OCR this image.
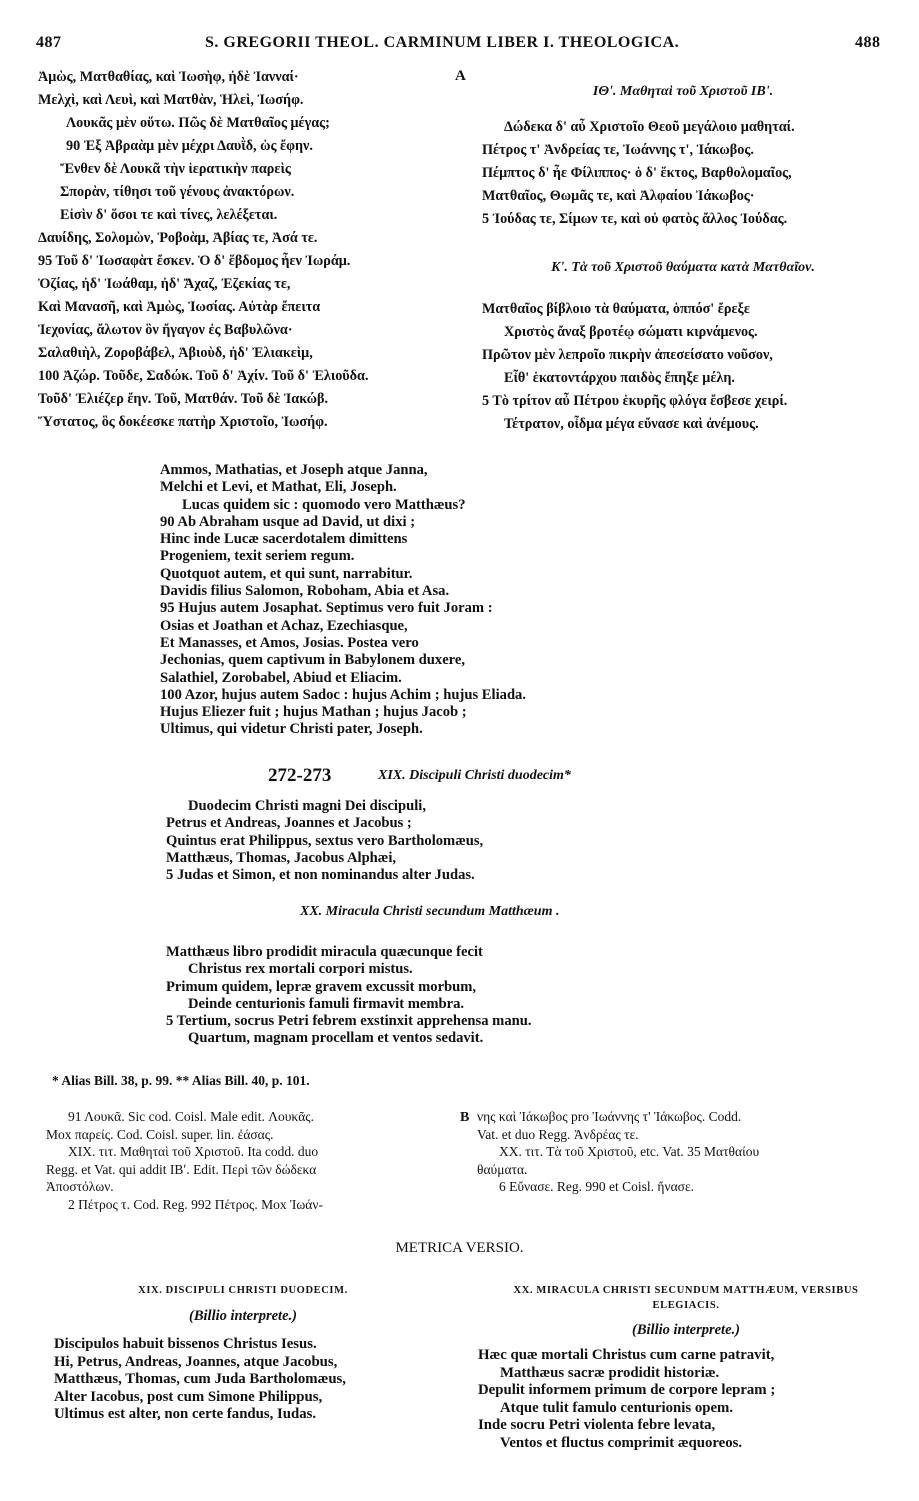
487	S. GREGORII THEOL. CARMINUM LIBER I. THEOLOGICA.	488
Ἀμὼς, Ματθαθίας, καὶ Ἰωσὴφ, ἠδὲ Ἰανναί·
Μελχὶ, καὶ Λευὶ, καὶ Ματθὰν, Ἡλεὶ, Ἰωσήφ.
Λουκᾶς μὲν οὕτω. Πῶς δὲ Ματθαῖος μέγας;
90 Ἐξ Ἀβραὰμ μὲν μέχρι Δαυῒδ, ὡς ἔφην.
Ἔνθεν δὲ Λουκᾶ τὴν ἱερατικὴν παρεὶς
Σπορὰν, τίθησι τοῦ γένους ἀνακτόρων.
Εἰσὶν δ' ὅσοι τε καὶ τίνες, λελέξεται.
Δαυίδης, Σολομὼν, Ῥοβοὰμ, Ἀβίας τε, Ἀσά τε.
95 Τοῦ δ' Ἰωσαφὰτ ἔσκεν. Ὁ δ' ἕβδομος ἦεν Ἰωράμ.
Ὀζίας, ἠδ' Ἰωάθαμ, ἠδ' Ἄχαζ, Ἐζεκίας τε,
Καὶ Μανασῆ, καὶ Ἀμὼς, Ἰωσίας. Αὐτὰρ ἔπειτα
Ἰεχονίας, ἄλωτον ὃν ἤγαγον ἐς Βαβυλῶνα·
Σαλαθιὴλ, Ζοροβάβελ, Ἀβιοὺδ, ἠδ' Ἐλιακεὶμ,
100 Ἀζώρ. Τοῦδε, Σαδώκ. Τοῦ δ' Ἀχίν. Τοῦ δ' Ἐλιοῦδα.
Τοῦδ' Ἐλιέζερ ἔην. Τοῦ, Ματθάν. Τοῦ δὲ Ἰακώβ.
Ὕστατος, ὃς δοκέεσκε πατὴρ Χριστοῖο, Ἰωσήφ.
A
ΙΘʹ. Μαθηταὶ τοῦ Χριστοῦ ΙΒʹ.
Δώδεκα δ' αὖ Χριστοῖο Θεοῦ μεγάλοιο μαθηταί.
Πέτρος τ' Ἀνδρείας τε, Ἰωάννης τ', Ἰάκωβος.
Πέμπτος δ' ἦε Φίλιππος· ὁ δ' ἕκτος, Βαρθολομαῖος,
Ματθαῖος, Θωμᾶς τε, καὶ Ἀλφαίου Ἰάκωβος·
5 Ἰούδας τε, Σίμων τε, καὶ οὐ φατὸς ἄλλος Ἰούδας.
Κʹ. Τὰ τοῦ Χριστοῦ θαύματα κατὰ Ματθαῖον.
Ματθαῖος βίβλοιο τὰ θαύματα, ὁππόσ' ἔρεξε
Χριστὸς ἄναξ βροτέῳ σώματι κιρνάμενος.
Πρῶτον μὲν λεπροῖο πικρὴν ἀπεσείσατο νοῦσον,
Εἶθ' ἑκατοντάρχου παιδὸς ἔπηξε μέλη.
5 Τὸ τρίτον αὖ Πέτρου ἑκυρῆς φλόγα ἔσβεσε χειρί.
Τέτρατον, οἶδμα μέγα εὔνασε καὶ ἀνέμους.
Ammos, Mathatias, et Joseph atque Janna,
Melchi et Levi, et Mathat, Eli, Joseph.
Lucas quidem sic : quomodo vero Matthæus?
90 Ab Abraham usque ad David, ut dixi ;
Hinc inde Lucæ sacerdotalem dimittens
Progeniem, texit seriem regum.
Quotquot autem, et qui sunt, narrabitur.
Davidis filius Salomon, Roboham, Abia et Asa.
95 Hujus autem Josaphat. Septimus vero fuit Joram :
Osias et Joathan et Achaz, Ezechiasque,
Et Manasses, et Amos, Josias. Postea vero
Jechonias, quem captivum in Babylonem duxere,
Salathiel, Zorobabel, Abiud et Eliacim.
100 Azor, hujus autem Sadoc : hujus Achim ; hujus Eliada.
Hujus Eliezer fuit ; hujus Mathan ; hujus Jacob ;
Ultimus, qui videtur Christi pater, Joseph.
272-273	XIX. Discipuli Christi duodecim*
Duodecim Christi magni Dei discipuli,
Petrus et Andreas, Joannes et Jacobus ;
Quintus erat Philippus, sextus vero Bartholomæus,
Matthæus, Thomas, Jacobus Alphæi,
5 Judas et Simon, et non nominandus alter Judas.
XX. Miracula Christi secundum Matthæum .
Matthæus libro prodidit miracula quæcunque fecit
Christus rex mortali corpori mistus.
Primum quidem, lepræ gravem excussit morbum,
Deinde centurionis famuli firmavit membra.
5 Tertium, socrus Petri febrem exstinxit apprehensa manu.
Quartum, magnam procellam et ventos sedavit.
* Alias Bill. 38, p. 99. ** Alias Bill. 40, p. 101.
91 Λουκᾶ. Sic cod. Coisl. Male edit. Λουκᾶς.
Mox παρείς. Cod. Coisl. super. lin. ἐάσας.
XIX. τιτ. Μαθηταὶ τοῦ Χριστοῦ. Ita codd. duo
Regg. et Vat. qui addit ΙΒʹ. Edit. Περὶ τῶν δώδεκα
Ἀποστόλων.
2 Πέτρος τ. Cod. Reg. 992 Πέτρος. Mox Ἰωάν-
B νης καὶ Ἰάκωβος pro Ἰωάννης τ' Ἰάκωβος. Codd.
Vat. et duo Regg. Ἀνδρέας τε.
XX. τιτ. Τὰ τοῦ Χριστοῦ, etc. Vat. 35 Ματθαίου
θαύματα.
6 Εὔνασε. Reg. 990 et Coisl. ἤνασε.
METRICA VERSIO.
XIX. DISCIPULI CHRISTI DUODECIM.
(Billio interprete.)
Discipulos habuit bissenos Christus Iesus.
Hi, Petrus, Andreas, Joannes, atque Jacobus,
Matthæus, Thomas, cum Juda Bartholomæus,
Alter Iacobus, post cum Simone Philippus,
Ultimus est alter, non certe fandus, Iudas.
XX. MIRACULA CHRISTI SECUNDUM MATTHÆUM, VERSIBUS
ELEGIACIS.
(Billio interprete.)
Hæc quæ mortali Christus cum carne patravit,
Matthæus sacræ prodidit historiæ.
Depulit informem primum de corpore lepram ;
Atque tulit famulo centurionis opem.
Inde socru Petri violenta febre levata,
Ventos et fluctus comprimit æquoreos.
